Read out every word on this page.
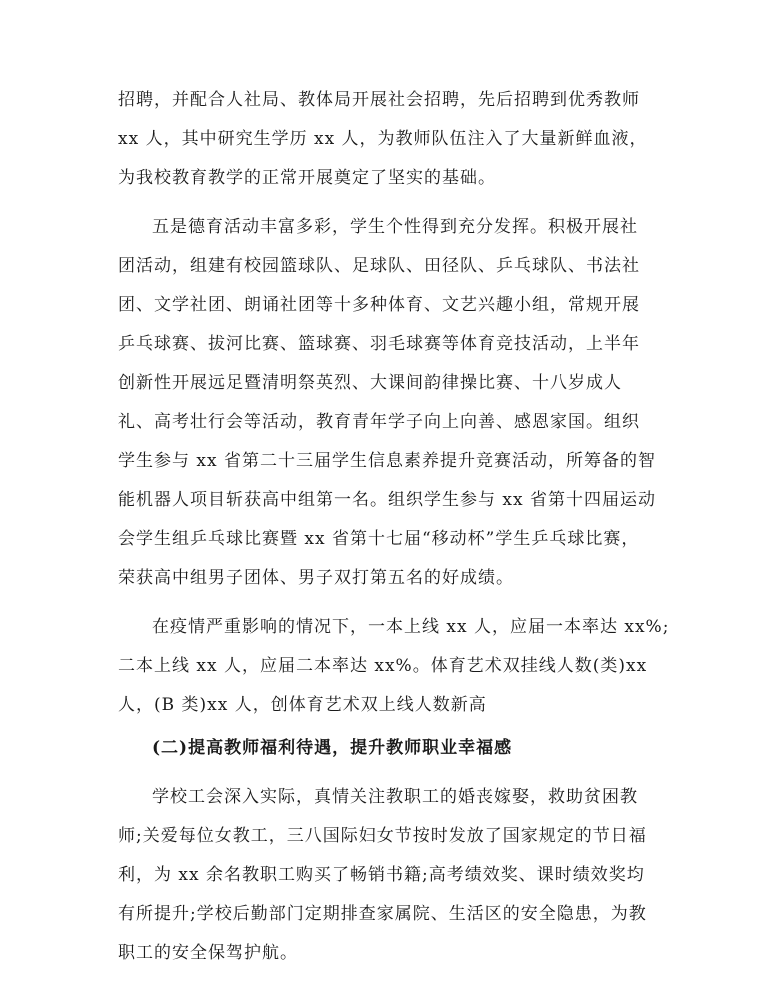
招聘，并配合人社局、教体局开展社会招聘，先后招聘到优秀教师
xx 人，其中研究生学历 xx 人，为教师队伍注入了大量新鲜血液，
为我校教育教学的正常开展奠定了坚实的基础。
五是德育活动丰富多彩，学生个性得到充分发挥。积极开展社
团活动，组建有校园篮球队、足球队、田径队、乒乓球队、书法社
团、文学社团、朗诵社团等十多种体育、文艺兴趣小组，常规开展
乒乓球赛、拔河比赛、篮球赛、羽毛球赛等体育竞技活动，上半年
创新性开展远足暨清明祭英烈、大课间韵律操比赛、十八岁成人
礼、高考壮行会等活动，教育青年学子向上向善、感恩家国。组织
学生参与 xx 省第二十三届学生信息素养提升竞赛活动，所筹备的智
能机器人项目斩获高中组第一名。组织学生参与 xx 省第十四届运动
会学生组乒乓球比赛暨 xx 省第十七届“移动杯”学生乒乓球比赛，
荣获高中组男子团体、男子双打第五名的好成绩。
在疫情严重影响的情况下，一本上线 xx 人，应届一本率达 xx%;
二本上线 xx 人，应届二本率达 xx%。体育艺术双挂线人数(类)xx
人，(B 类)xx 人，创体育艺术双上线人数新高
(二)提高教师福利待遇，提升教师职业幸福感
学校工会深入实际，真情关注教职工的婚丧嫁娶，救助贫困教
师;关爱每位女教工，三八国际妇女节按时发放了国家规定的节日福
利，为 xx 余名教职工购买了畅销书籍;高考绩效奖、课时绩效奖均
有所提升;学校后勤部门定期排查家属院、生活区的安全隐患，为教
职工的安全保驾护航。
